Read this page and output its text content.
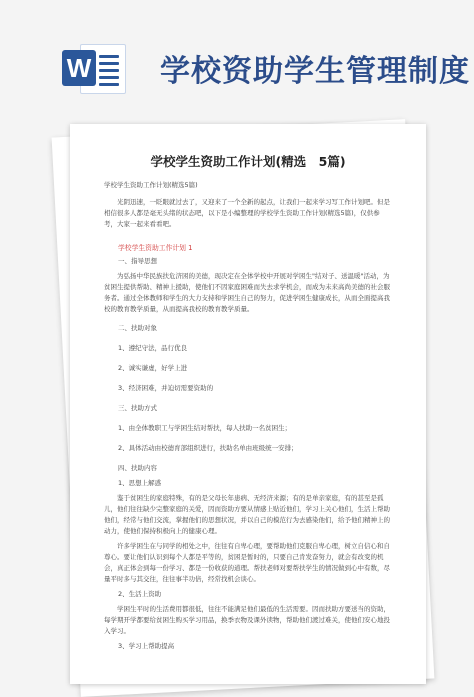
W 学校资助学生管理制度
学校学生资助工作计划(精选　5篇)
学校学生资助工作计划(精选5篇)
光阴迅速，一眨眼就过去了，又迎来了一个全新的起点，让我们一起来学习写工作计划吧。但是相信很多人都是毫无头绪的状态吧，以下是小编整理的学校学生资助工作计划(精选5篇)，仅供参考，大家一起来看看吧。
学校学生资助工作计划 1
一、指导思想
为弘扬中华民族扶危济困的美德，现决定在全体学校中开展对学困生"结对子、送温暖"活动，为贫困生提供帮助、精神上援助，使他们不因家庭困难而失去求学机会，而成为未来高尚美德的社会服务者。通过全体教师和学生的大力支持和学困生自己的努力，促进学困生健康成长，从而全面提高我校的教育教学质量，从而提高我校的教育教学质量。
二、扶助对象
1、遵纪守法，品行优良
2、诚实谦虚，好学上进
3、经济困难，并迫切需要资助的
三、扶助方式
1、由全体教职工与学困生结对帮扶，每人扶助一名贫困生；
2、具体活动由校德育部组织进行，扶助名单由班级统一安排；
四、扶助内容
1、思想上解惑
鉴于贫困生的家庭特殊，有的是父母长年患病、无经济来源；有的是单亲家庭，有的甚至是孤儿，他们往往缺少完整家庭的关爱，因而资助方要从情感上贴近他们，学习上关心他们，生活上帮助他们，经常与他们交流，掌握他们的思想状况，并以自己的模范行为去感染他们，给予他们精神上的动力，使他们保持积极向上的健康心理。
许多学困生在与同学的相处之中，往往有自卑心理，要帮助他们克服自卑心理，树立自信心和自尊心。要让他们认识到每个人都是平等的，贫困是暂时的，只要自己肯发奋努力，就会有改变的机会，真正体会到每一份学习、都是一份收获的道理。帮扶老师对要帮扶学生的情况做到心中有数，尽量平时多与其交往，往往事半功倍，经常找机会谈心。
2、生活上资助
学困生平时的生活费用都很低，往往不能满足他们最低的生活需要。因而扶助方要送当的资助，每学期开学都要给贫困生购买学习用品，换季衣物及课外读物，帮助他们渡过难关，使他们安心地投入学习。
3、学习上帮助提高
